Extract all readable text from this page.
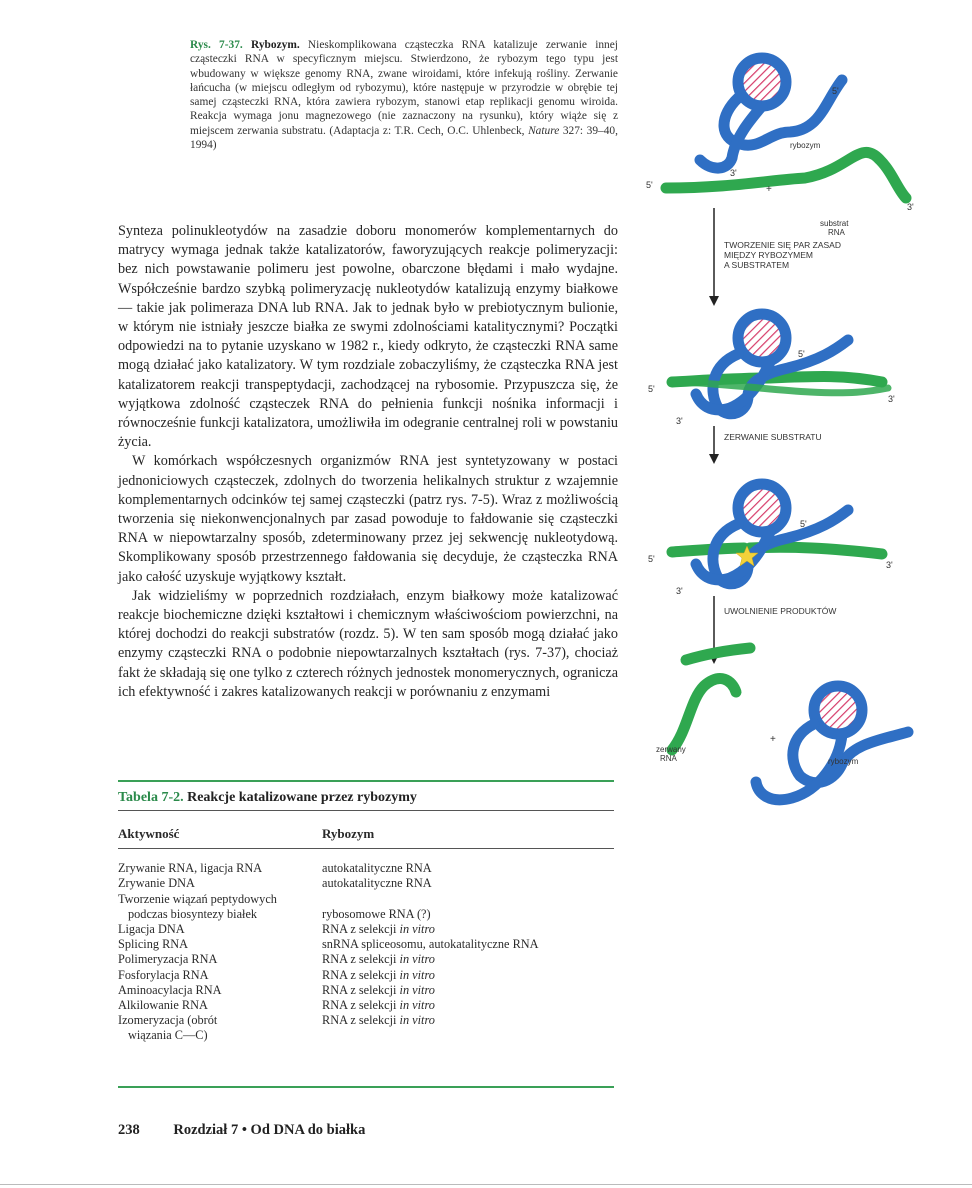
Rys. 7-37. Rybozym. Nieskomplikowana cząsteczka RNA katalizuje zerwanie innej cząsteczki RNA w specyficznym miejscu. Stwierdzono, że rybozym tego typu jest wbudowany w większe genomy RNA, zwane wiroidami, które infekują rośliny. Zerwanie łańcucha (w miejscu odległym od rybozymu), które następuje w przyrodzie w obrębie tej samej cząsteczki RNA, która zawiera rybozym, stanowi etap replikacji genomu wiroida. Reakcja wymaga jonu magnezowego (nie zaznaczony na rysunku), który wiąże się z miejscem zerwania substratu. (Adaptacja z: T.R. Cech, O.C. Uhlenbeck, Nature 327: 39–40, 1994)

Synteza polinukleotydów na zasadzie doboru monomerów komplementarnych do matrycy wymaga jednak także katalizatorów, faworyzujących reakcje polimeryzacji: bez nich powstawanie polimeru jest powolne, obarczone błędami i mało wydajne. Współcześnie bardzo szybką polimeryzację nukleotydów katalizują enzymy białkowe — takie jak polimeraza DNA lub RNA. Jak to jednak było w prebiotycznym bulionie, w którym nie istniały jeszcze białka ze swymi zdolnościami katalitycznymi? Początki odpowiedzi na to pytanie uzyskano w 1982 r., kiedy odkryto, że cząsteczki RNA same mogą działać jako katalizatory. W tym rozdziale zobaczyliśmy, że cząsteczka RNA jest katalizatorem reakcji transpeptydacji, zachodzącej na rybosomie. Przypuszcza się, że wyjątkowa zdolność cząsteczek RNA do pełnienia funkcji nośnika informacji i równocześnie funkcji katalizatora, umożliwiła im odegranie centralnej roli w powstaniu życia.

W komórkach współczesnych organizmów RNA jest syntetyzowany w postaci jednoniciowych cząsteczek, zdolnych do tworzenia helikalnych struktur z wzajemnie komplementarnych odcinków tej samej cząsteczki (patrz rys. 7-5). Wraz z możliwością tworzenia się niekonwencjonalnych par zasad powoduje to fałdowanie się cząsteczki RNA w niepowtarzalny sposób, zdeterminowany przez jej sekwencję nukleotydową. Skomplikowany sposób przestrzennego fałdowania się decyduje, że cząsteczka RNA jako całość uzyskuje wyjątkowy kształt.

Jak widzieliśmy w poprzednich rozdziałach, enzym białkowy może katalizować reakcje biochemiczne dzięki kształtowi i chemicznym właściwościom powierzchni, na której dochodzi do reakcji substratów (rozdz. 5). W ten sam sposób mogą działać jako enzymy cząsteczki RNA o podobnie niepowtarzalnych kształtach (rys. 7-37), chociaż fakt że składają się one tylko z czterech różnych jednostek monomerycznych, ogranicza ich efektywność i zakres katalizowanych reakcji w porównaniu z enzymami

Tabela 7-2. Reakcje katalizowane przez rybozymy
Aktywność	Rybozym
Zrywanie RNA, ligacja RNA	autokatalityczne RNA
Zrywanie DNA	autokatalityczne RNA
Tworzenie wiązań peptydowych
podczas biosyntezy białek	rybosomowe RNA (?)
Ligacja DNA	RNA z selekcji in vitro
Splicing RNA	snRNA spliceosomu, autokatalityczne RNA
Polimeryzacja RNA	RNA z selekcji in vitro
Fosforylacja RNA	RNA z selekcji in vitro
Aminoacylacja RNA	RNA z selekcji in vitro
Alkilowanie RNA	RNA z selekcji in vitro
Izomeryzacja (obrót
wiązania C—C)	RNA z selekcji in vitro
238 Rozdział 7 • Od DNA do białka
5'
rybozym
3'
+
5'
3'
substrat
RNA
TWORZENIE SIĘ PAR ZASAD
MIĘDZY RYBOZYMEM
A SUBSTRATEM
5'
5'
3'
3'
ZERWANIE SUBSTRATU
5'
5'
3'
3'
UWOLNIENIE PRODUKTÓW
+
zerwany
RNA	rybozym
